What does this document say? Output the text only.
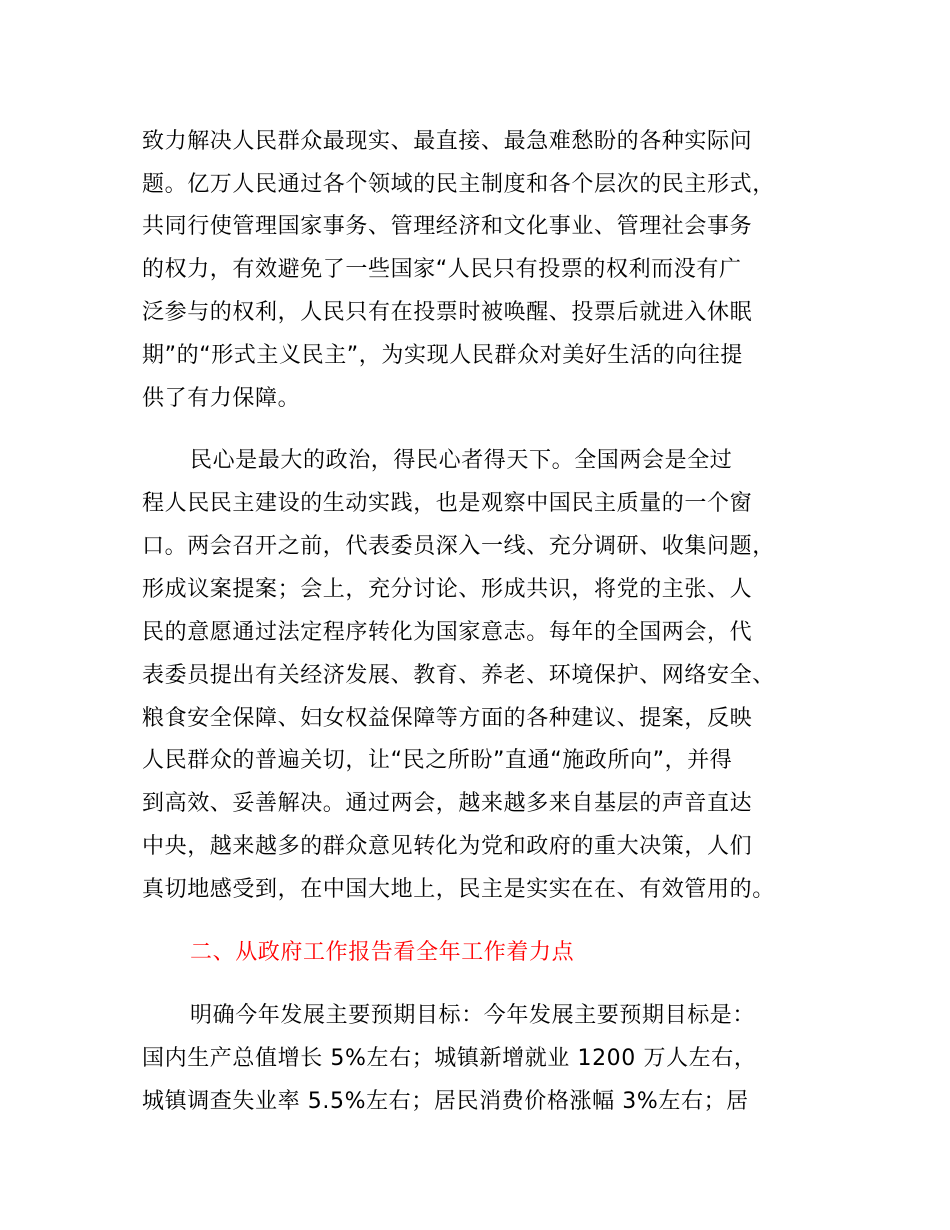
致力解决人民群众最现实、最直接、最急难愁盼的各种实际问
题。亿万人民通过各个领域的民主制度和各个层次的民主形式，
共同行使管理国家事务、管理经济和文化事业、管理社会事务
的权力，有效避免了一些国家“人民只有投票的权利而没有广
泛参与的权利，人民只有在投票时被唤醒、投票后就进入休眠
期”的“形式主义民主”，为实现人民群众对美好生活的向往提
供了有力保障。
民心是最大的政治，得民心者得天下。全国两会是全过
程人民民主建设的生动实践，也是观察中国民主质量的一个窗
口。两会召开之前，代表委员深入一线、充分调研、收集问题，
形成议案提案；会上，充分讨论、形成共识，将党的主张、人
民的意愿通过法定程序转化为国家意志。每年的全国两会，代
表委员提出有关经济发展、教育、养老、环境保护、网络安全、
粮食安全保障、妇女权益保障等方面的各种建议、提案，反映
人民群众的普遍关切，让“民之所盼”直通“施政所向”，并得
到高效、妥善解决。通过两会，越来越多来自基层的声音直达
中央，越来越多的群众意见转化为党和政府的重大决策，人们
真切地感受到，在中国大地上，民主是实实在在、有效管用的。
二、从政府工作报告看全年工作着力点
明确今年发展主要预期目标：今年发展主要预期目标是：
国内生产总值增长 5%左右；城镇新增就业 1200 万人左右，
城镇调查失业率 5.5%左右；居民消费价格涨幅 3%左右；居
